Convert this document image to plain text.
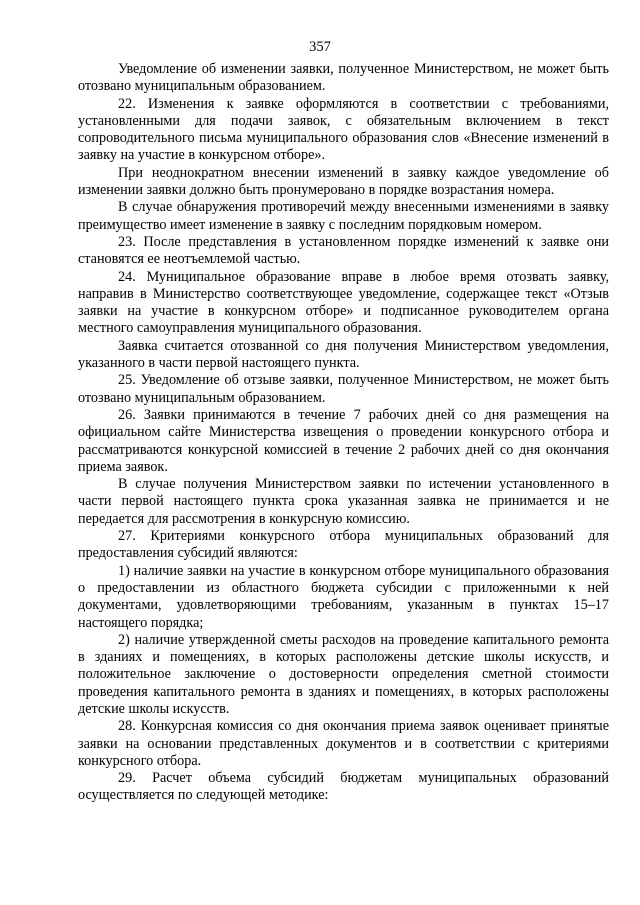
357

Уведомление об изменении заявки, полученное Министерством, не может быть отозвано муниципальным образованием.

22. Изменения к заявке оформляются в соответствии с требованиями, установленными для подачи заявок, с обязательным включением в текст сопроводительного письма муниципального образования слов «Внесение изменений в заявку на участие в конкурсном отборе».

При неоднократном внесении изменений в заявку каждое уведомление об изменении заявки должно быть пронумеровано в порядке возрастания номера.

В случае обнаружения противоречий между внесенными изменениями в заявку преимущество имеет изменение в заявку с последним порядковым номером.

23. После представления в установленном порядке изменений к заявке они становятся ее неотъемлемой частью.

24. Муниципальное образование вправе в любое время отозвать заявку, направив в Министерство соответствующее уведомление, содержащее текст «Отзыв заявки на участие в конкурсном отборе» и подписанное руководителем органа местного самоуправления муниципального образования.

Заявка считается отозванной со дня получения Министерством уведомления, указанного в части первой настоящего пункта.

25. Уведомление об отзыве заявки, полученное Министерством, не может быть отозвано муниципальным образованием.

26. Заявки принимаются в течение 7 рабочих дней со дня размещения на официальном сайте Министерства извещения о проведении конкурсного отбора и рассматриваются конкурсной комиссией в течение 2 рабочих дней со дня окончания приема заявок.

В случае получения Министерством заявки по истечении установленного в части первой настоящего пункта срока указанная заявка не принимается и не передается для рассмотрения в конкурсную комиссию.

27. Критериями конкурсного отбора муниципальных образований для предоставления субсидий являются:

1) наличие заявки на участие в конкурсном отборе муниципального образования о предоставлении из областного бюджета субсидии с приложенными к ней документами, удовлетворяющими требованиям, указанным в пунктах 15–17 настоящего порядка;

2) наличие утвержденной сметы расходов на проведение капитального ремонта в зданиях и помещениях, в которых расположены детские школы искусств, и положительное заключение о достоверности определения сметной стоимости проведения капитального ремонта в зданиях и помещениях, в которых расположены детские школы искусств.

28. Конкурсная комиссия со дня окончания приема заявок оценивает принятые заявки на основании представленных документов и в соответствии с критериями конкурсного отбора.

29. Расчет объема субсидий бюджетам муниципальных образований осуществляется по следующей методике:
